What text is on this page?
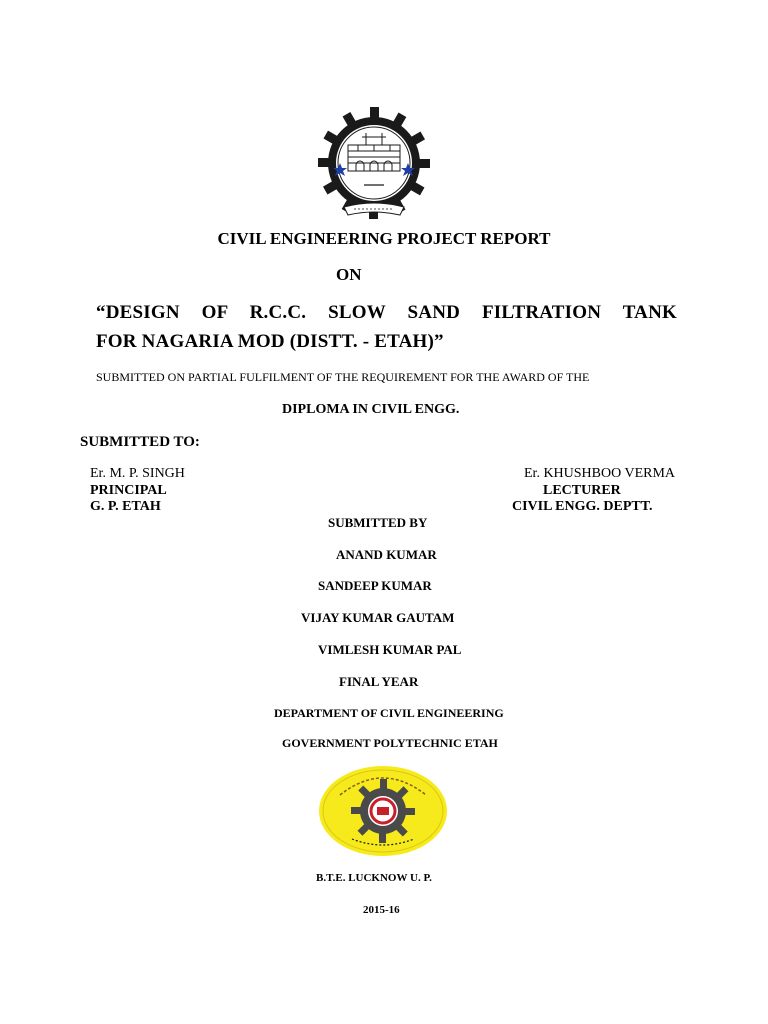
CIVIL ENGINEERING PROJECT REPORT
ON
“DESIGN OF R.C.C. SLOW SAND FILTRATION TANK
FOR NAGARIA MOD (DISTT. - ETAH)”
SUBMITTED ON PARTIAL FULFILMENT OF THE REQUIREMENT FOR THE AWARD OF THE
DIPLOMA IN CIVIL ENGG.
SUBMITTED TO:
Er. M. P. SINGH
PRINCIPAL
G. P. ETAH
Er. KHUSHBOO VERMA
LECTURER
CIVIL ENGG. DEPTT.
SUBMITTED BY
ANAND KUMAR
SANDEEP KUMAR
VIJAY KUMAR GAUTAM
VIMLESH KUMAR PAL
FINAL YEAR
DEPARTMENT OF CIVIL ENGINEERING
GOVERNMENT POLYTECHNIC ETAH
B.T.E. LUCKNOW U. P.
2015-16
